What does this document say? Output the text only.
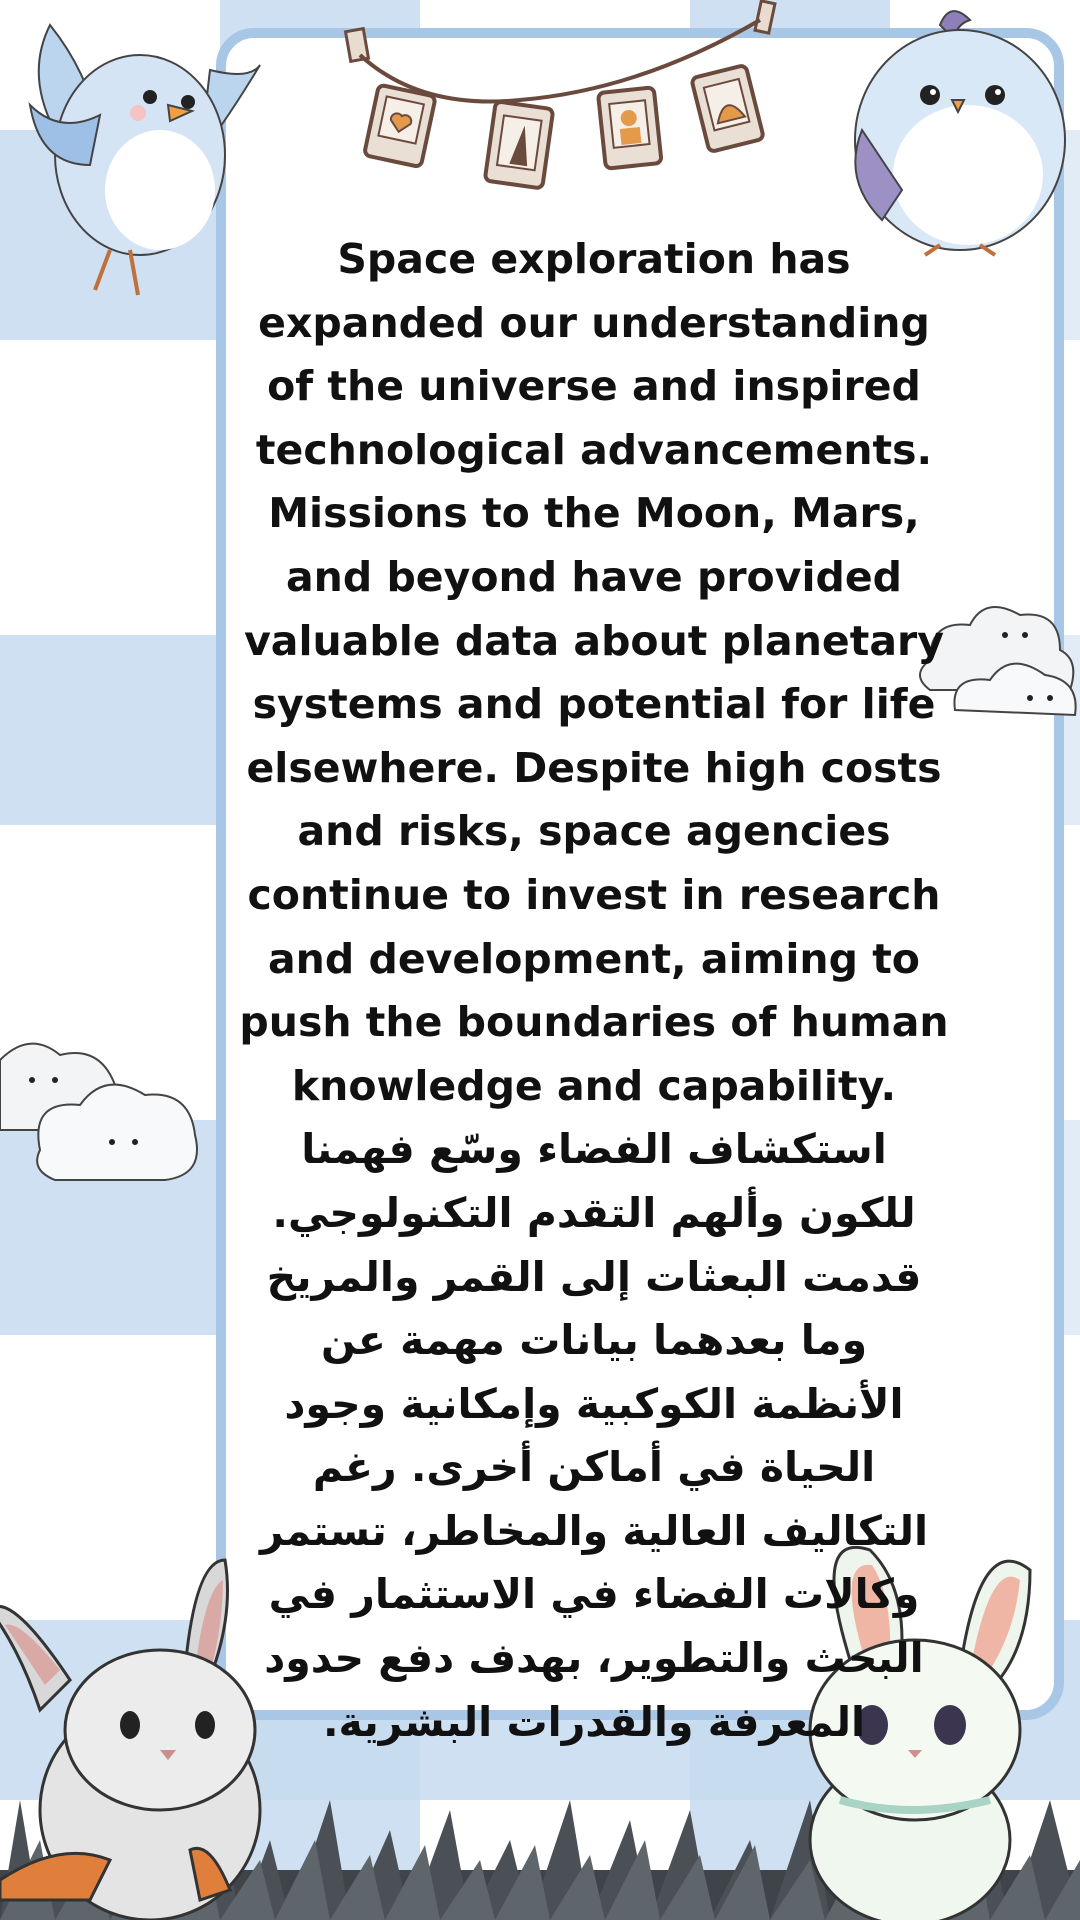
Space exploration has expanded our understanding of the universe and inspired technological advancements. Missions to the Moon, Mars, and beyond have provided valuable data about planetary systems and potential for life elsewhere. Despite high costs and risks, space agencies continue to invest in research and development, aiming to push the boundaries of human knowledge and capability.

استكشاف الفضاء وسّع فهمنا للكون وألهم التقدم التكنولوجي. قدمت البعثات إلى القمر والمريخ وما بعدهما بيانات مهمة عن الأنظمة الكوكبية وإمكانية وجود الحياة في أماكن أخرى. رغم التكاليف العالية والمخاطر، تستمر وكالات الفضاء في الاستثمار في البحث والتطوير، بهدف دفع حدود المعرفة والقدرات البشرية.
